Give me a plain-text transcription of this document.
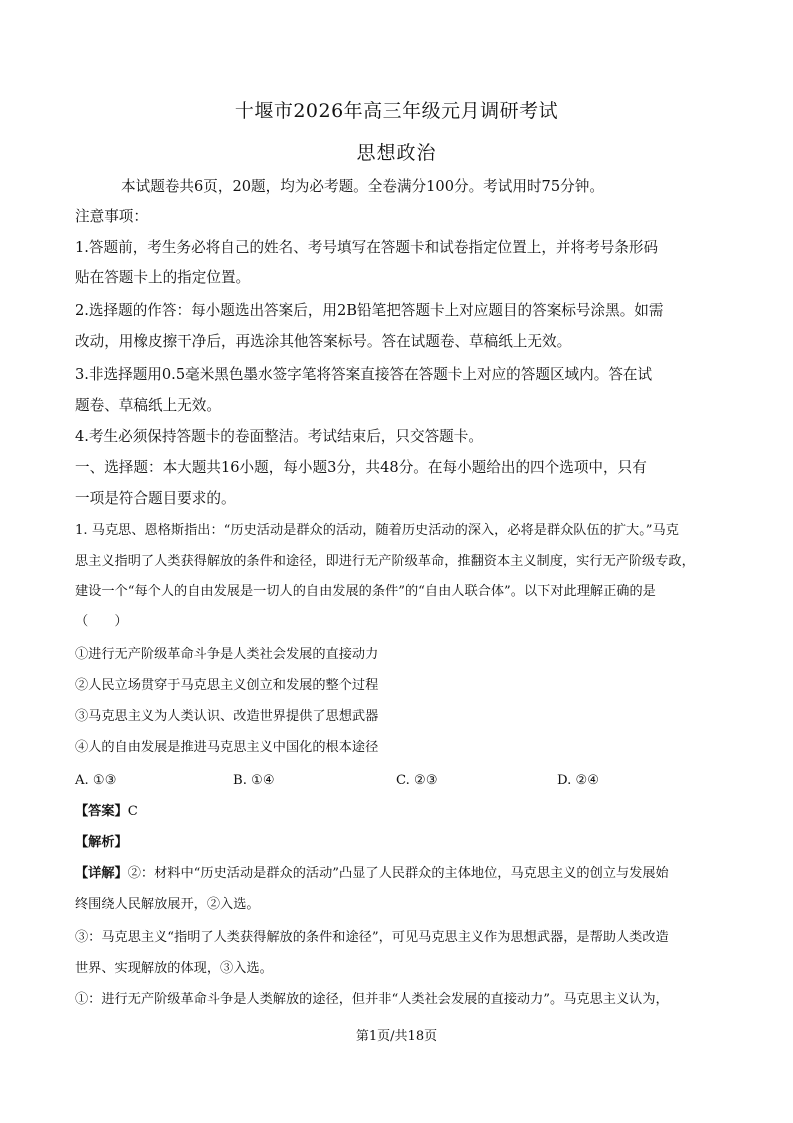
十堰市2026年高三年级元月调研考试
思想政治
本试题卷共6页，20题，均为必考题。全卷满分100分。考试用时75分钟。
注意事项：
1.答题前，考生务必将自己的姓名、考号填写在答题卡和试卷指定位置上，并将考号条形码
贴在答题卡上的指定位置。
2.选择题的作答：每小题选出答案后，用2B铅笔把答题卡上对应题目的答案标号涂黑。如需
改动，用橡皮擦干净后，再选涂其他答案标号。答在试题卷、草稿纸上无效。
3.非选择题用0.5毫米黑色墨水签字笔将答案直接答在答题卡上对应的答题区域内。答在试
题卷、草稿纸上无效。
4.考生必须保持答题卡的卷面整洁。考试结束后，只交答题卡。
一、选择题：本大题共16小题，每小题3分，共48分。在每小题给出的四个选项中，只有
一项是符合题目要求的。
1. 马克思、恩格斯指出：“历史活动是群众的活动，随着历史活动的深入，必将是群众队伍的扩大。”马克
思主义指明了人类获得解放的条件和途径，即进行无产阶级革命，推翻资本主义制度，实行无产阶级专政，
建设一个“每个人的自由发展是一切人的自由发展的条件”的“自由人联合体”。以下对此理解正确的是
（　　）
①进行无产阶级革命斗争是人类社会发展的直接动力
②人民立场贯穿于马克思主义创立和发展的整个过程
③马克思主义为人类认识、改造世界提供了思想武器
④人的自由发展是推进马克思主义中国化的根本途径
A. ①③	B. ①④	C. ②③	D. ②④
【答案】C
【解析】
【详解】②：材料中“历史活动是群众的活动”凸显了人民群众的主体地位，马克思主义的创立与发展始
终围绕人民解放展开，②入选。
③：马克思主义“指明了人类获得解放的条件和途径”，可见马克思主义作为思想武器，是帮助人类改造
世界、实现解放的体现，③入选。
①：进行无产阶级革命斗争是人类解放的途径，但并非“人类社会发展的直接动力”。马克思主义认为，
第1页/共18页
